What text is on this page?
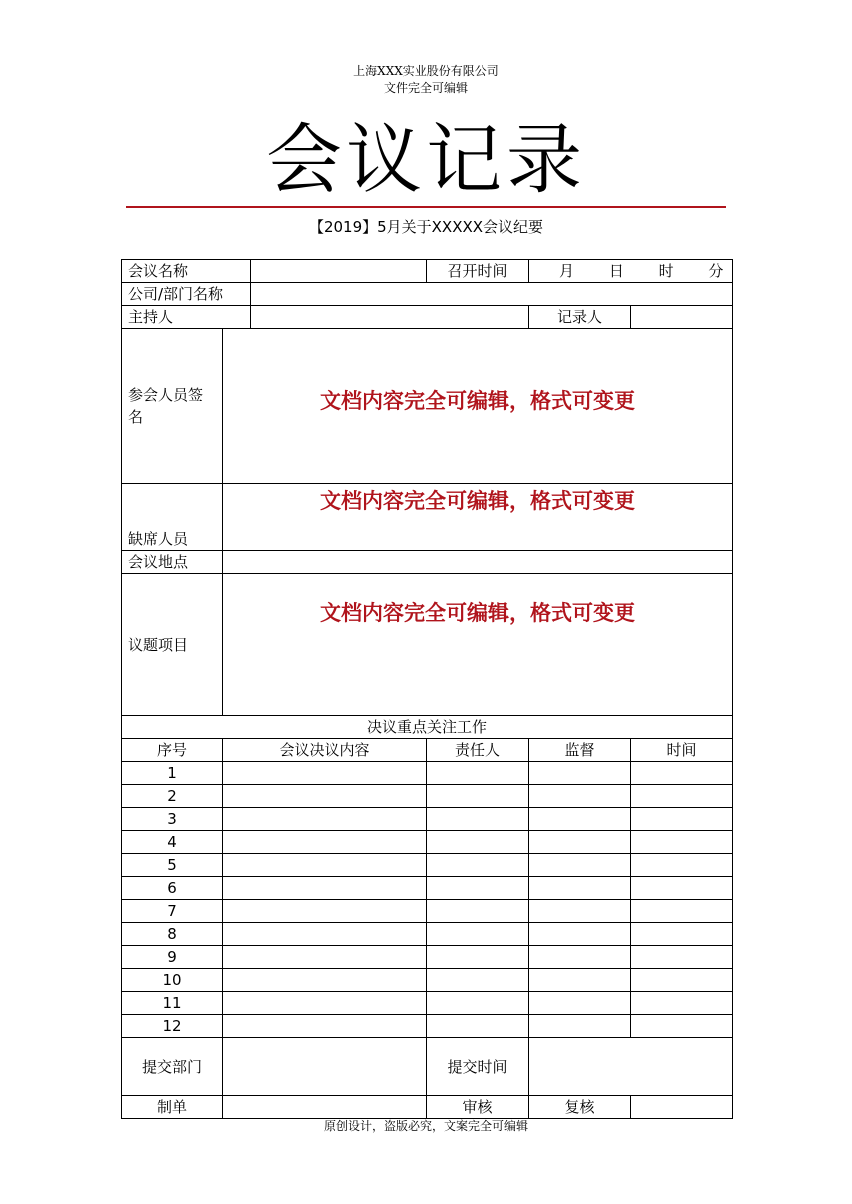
上海XXX实业股份有限公司
文件完全可编辑
会议记录
【2019】5月关于XXXXX会议纪要
会议名称			召开时间	月 日 时 分	
公司/部门名称					
主持人				记录人	
参会人员签名	文档内容完全可编辑，格式可变更				
缺席人员	文档内容完全可编辑，格式可变更				
会议地点					
议题项目	文档内容完全可编辑，格式可变更				
决议重点关注工作					
序号	会议决议内容		责任人	监督	时间
1					
2					
3					
4					
5					
6					
7					
8					
9					
10					
11					
12					
提交部门			提交时间		
制单			审核	复核	
原创设计，盗版必究，文案完全可编辑
